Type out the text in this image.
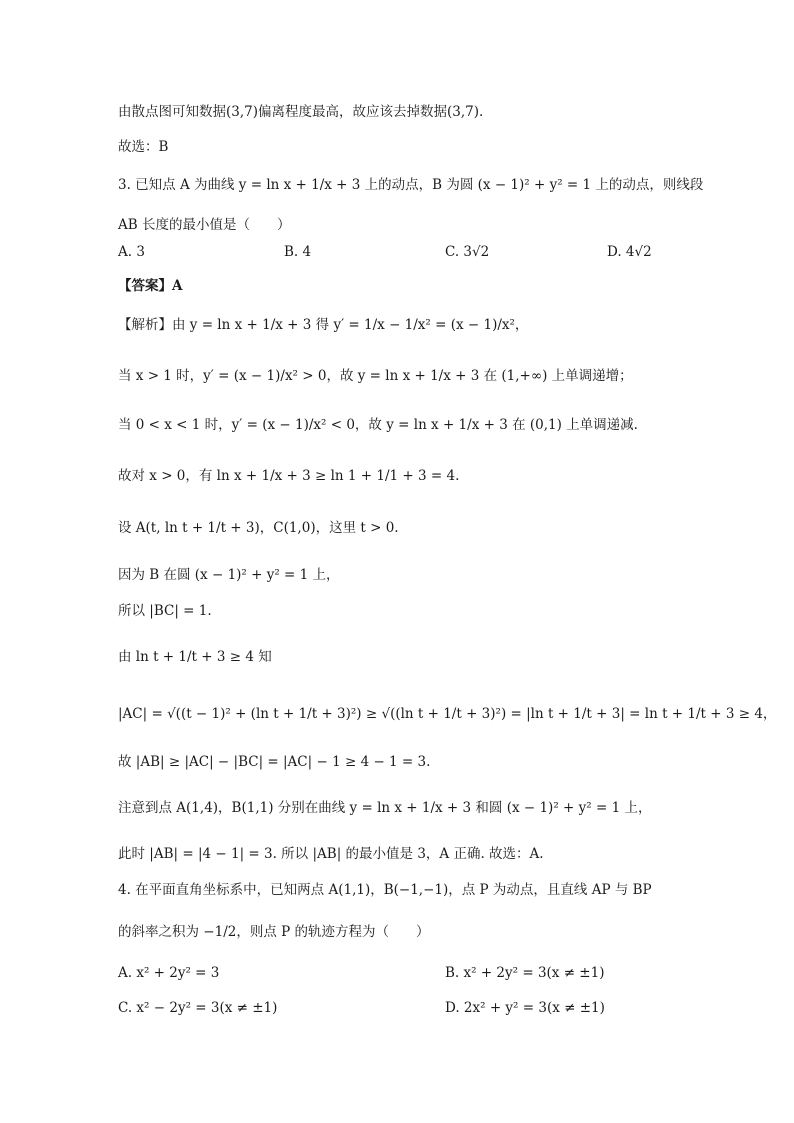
由散点图可知数据(3,7)偏离程度最高，故应该去掉数据(3,7).
故选：B
3. 已知点 A 为曲线 y = ln x + 1/x + 3 上的动点，B 为圆 (x − 1)² + y² = 1 上的动点，则线段
AB 长度的最小值是（　　）
A. 3	B. 4	C. 3√2	D. 4√2
【答案】A
【解析】由 y = ln x + 1/x + 3 得 y′ = 1/x − 1/x² = (x − 1)/x²，
当 x > 1 时，y′ = (x − 1)/x² > 0，故 y = ln x + 1/x + 3 在 (1,+∞) 上单调递增；
当 0 < x < 1 时，y′ = (x − 1)/x² < 0，故 y = ln x + 1/x + 3 在 (0,1) 上单调递减.
故对 x > 0，有 ln x + 1/x + 3 ≥ ln 1 + 1/1 + 3 = 4.
设 A(t, ln t + 1/t + 3)，C(1,0)，这里 t > 0.
因为 B 在圆 (x − 1)² + y² = 1 上，
所以 |BC| = 1.
由 ln t + 1/t + 3 ≥ 4 知
|AC| = √((t − 1)² + (ln t + 1/t + 3)²) ≥ √((ln t + 1/t + 3)²) = |ln t + 1/t + 3| = ln t + 1/t + 3 ≥ 4，
故 |AB| ≥ |AC| − |BC| = |AC| − 1 ≥ 4 − 1 = 3.
注意到点 A(1,4)，B(1,1) 分别在曲线 y = ln x + 1/x + 3 和圆 (x − 1)² + y² = 1 上，
此时 |AB| = |4 − 1| = 3. 所以 |AB| 的最小值是 3，A 正确. 故选：A.
4. 在平面直角坐标系中，已知两点 A(1,1)，B(−1,−1)，点 P 为动点，且直线 AP 与 BP
的斜率之积为 −1/2，则点 P 的轨迹方程为（　　）
A. x² + 2y² = 3	B. x² + 2y² = 3(x ≠ ±1)
C. x² − 2y² = 3(x ≠ ±1)	D. 2x² + y² = 3(x ≠ ±1)
